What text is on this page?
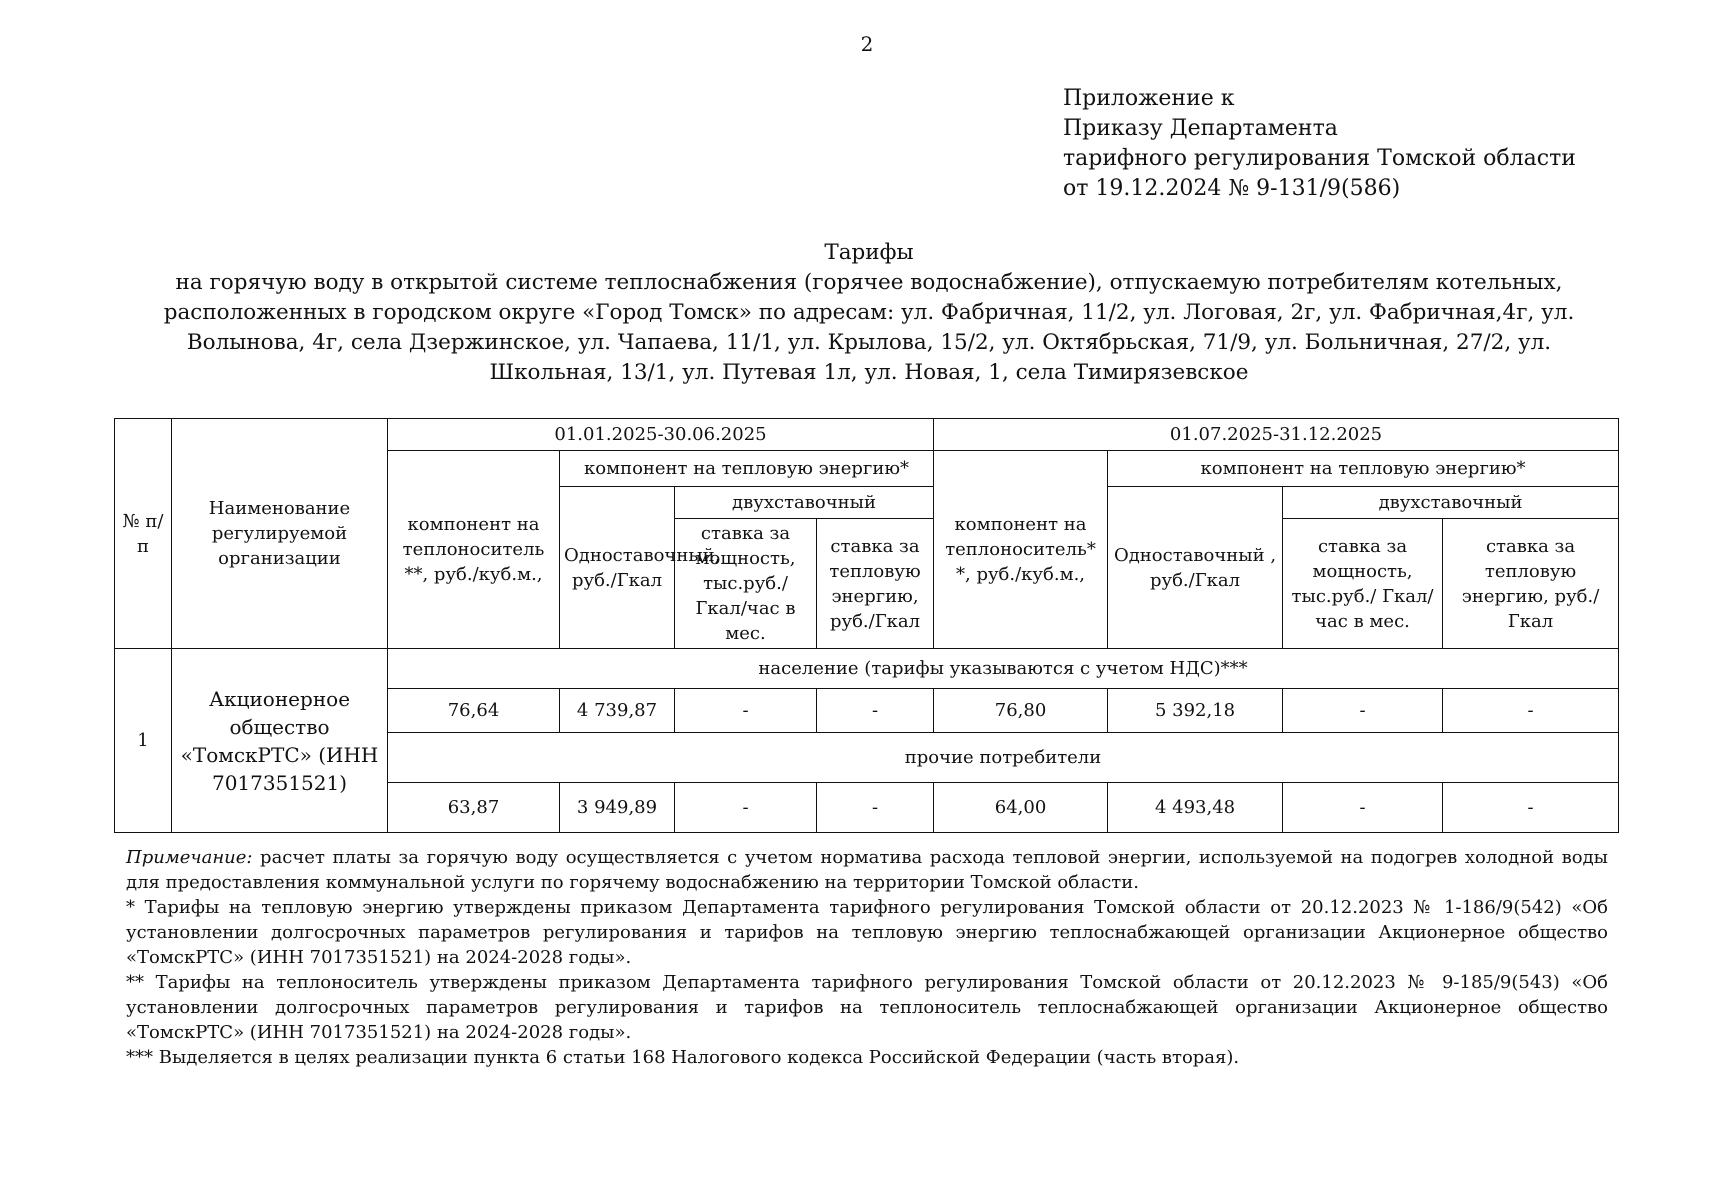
2
Приложение к
Приказу Департамента
тарифного регулирования Томской области
от 19.12.2024 № 9-131/9(586)
Тарифы
на горячую воду в открытой системе теплоснабжения (горячее водоснабжение), отпускаемую потребителям котельных, расположенных в городском округе «Город Томск» по адресам: ул. Фабричная, 11/2, ул. Логовая, 2г, ул. Фабричная,4г, ул. Волынова, 4г, села Дзержинское, ул. Чапаева, 11/1, ул. Крылова, 15/2, ул. Октябрьская, 71/9, ул. Больничная, 27/2, ул. Школьная, 13/1, ул. Путевая 1л, ул. Новая, 1, села Тимирязевское
№ п/п	Наименование регулируемой организации	01.01.2025-30.06.2025				01.07.2025-31.12.2025			
		компонент на теплоноситель **, руб./куб.м.,	компонент на тепловую энергию*			компонент на теплоноситель* *, руб./куб.м.,	компонент на тепловую энергию*		
			Одноставочный, руб./Гкал	двухставочный			Одноставочный , руб./Гкал	двухставочный	
				ставка за мощность, тыс.руб./ Гкал/час в мес.	ставка за тепловую энергию, руб./Гкал			ставка за мощность, тыс.руб./ Гкал/час в мес.	ставка за тепловую энергию, руб./Гкал
1	Акционерное общество «ТомскРТС» (ИНН 7017351521)	население (тарифы указываются с учетом НДС)***							
		76,64	4 739,87	-	-	76,80	5 392,18	-	-
		прочие потребители							
		63,87	3 949,89	-	-	64,00	4 493,48	-	-

Примечание: расчет платы за горячую воду осуществляется с учетом норматива расхода тепловой энергии, используемой на подогрев холодной воды для предоставления коммунальной услуги по горячему водоснабжению на территории Томской области.

* Тарифы на тепловую энергию утверждены приказом Департамента тарифного регулирования Томской области от 20.12.2023 № 1-186/9(542) «Об установлении долгосрочных параметров регулирования и тарифов на тепловую энергию теплоснабжающей организации Акционерное общество «ТомскРТС» (ИНН 7017351521) на 2024-2028 годы».

** Тарифы на теплоноситель утверждены приказом Департамента тарифного регулирования Томской области от 20.12.2023 № 9-185/9(543) «Об установлении долгосрочных параметров регулирования и тарифов на теплоноситель теплоснабжающей организации Акционерное общество «ТомскРТС» (ИНН 7017351521) на 2024-2028 годы».

*** Выделяется в целях реализации пункта 6 статьи 168 Налогового кодекса Российской Федерации (часть вторая).
